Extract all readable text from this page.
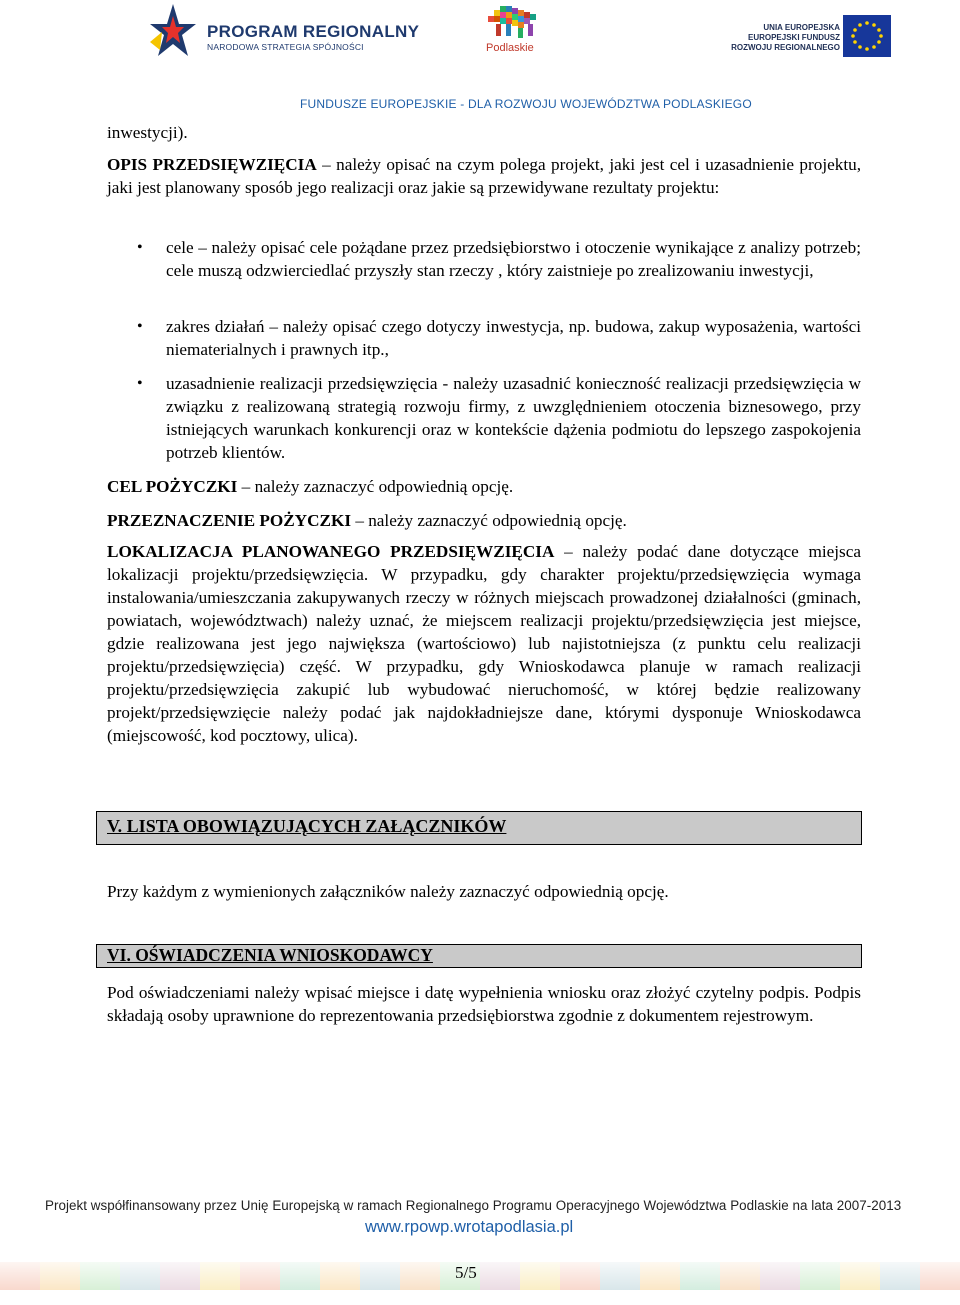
PROGRAM REGIONALNY
NARODOWA STRATEGIA SPÓJNOŚCI	Podlaskie
UNIA EUROPEJSKA
EUROPEJSKI FUNDUSZ
ROZWOJU REGIONALNEGO
FUNDUSZE EUROPEJSKIE - DLA ROZWOJU WOJEWÓDZTWA PODLASKIEGO
inwestycji).
OPIS PRZEDSIĘWZIĘCIA – należy opisać na czym polega projekt, jaki jest cel i uzasadnienie projektu, jaki jest planowany sposób jego realizacji oraz jakie są przewidywane rezultaty projektu:
• cele – należy opisać cele pożądane przez przedsiębiorstwo i otoczenie wynikające z analizy potrzeb; cele muszą odzwierciedlać przyszły stan rzeczy , który zaistnieje po zrealizowaniu inwestycji,
• zakres działań – należy opisać czego dotyczy inwestycja, np. budowa, zakup wyposażenia, wartości niematerialnych i prawnych itp.,
• uzasadnienie realizacji przedsięwzięcia - należy uzasadnić konieczność realizacji przedsięwzięcia w związku z realizowaną strategią rozwoju firmy, z uwzględnieniem otoczenia biznesowego, przy istniejących warunkach konkurencji oraz w kontekście dążenia podmiotu do lepszego zaspokojenia potrzeb klientów.
CEL POŻYCZKI – należy zaznaczyć odpowiednią opcję.
PRZEZNACZENIE POŻYCZKI – należy zaznaczyć odpowiednią opcję.
LOKALIZACJA PLANOWANEGO PRZEDSIĘWZIĘCIA – należy podać dane dotyczące miejsca lokalizacji projektu/przedsięwzięcia. W przypadku, gdy charakter projektu/przedsięwzięcia wymaga instalowania/umieszczania zakupywanych rzeczy w różnych miejscach prowadzonej działalności (gminach, powiatach, województwach) należy uznać, że miejscem realizacji projektu/przedsięwzięcia jest miejsce, gdzie realizowana jest jego największa (wartościowo) lub najistotniejsza (z punktu celu realizacji projektu/przedsięwzięcia) część. W przypadku, gdy Wnioskodawca planuje w ramach realizacji projektu/przedsięwzięcia zakupić lub wybudować nieruchomość, w której będzie realizowany projekt/przedsięwzięcie należy podać jak najdokładniejsze dane, którymi dysponuje Wnioskodawca (miejscowość, kod pocztowy, ulica).
V. LISTA OBOWIĄZUJĄCYCH ZAŁĄCZNIKÓW
Przy każdym z wymienionych załączników należy zaznaczyć odpowiednią opcję.
VI. OŚWIADCZENIA WNIOSKODAWCY
Pod oświadczeniami należy wpisać miejsce i datę wypełnienia wniosku oraz złożyć czytelny podpis. Podpis składają osoby uprawnione do reprezentowania przedsiębiorstwa zgodnie z dokumentem rejestrowym.
Projekt współfinansowany przez Unię Europejską w ramach Regionalnego Programu Operacyjnego Województwa Podlaskie na lata 2007-2013
www.rpowp.wrotapodlasia.pl
5/5
